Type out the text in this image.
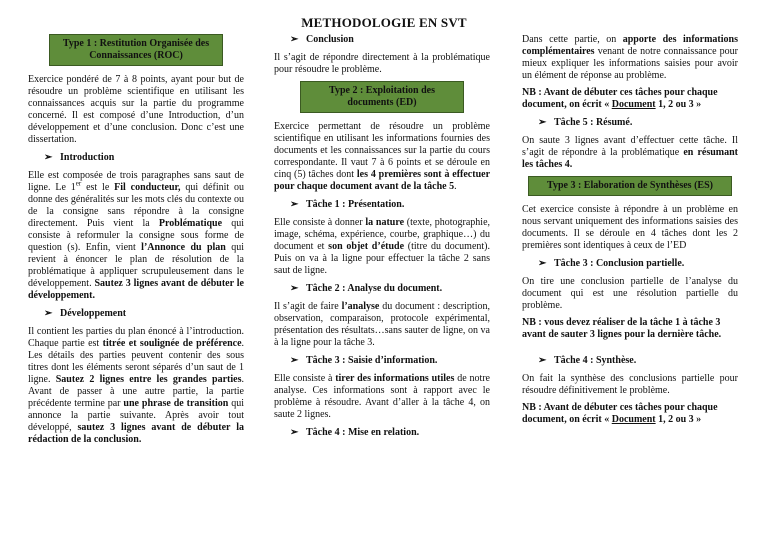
METHODOLOGIE EN SVT
Type 1 : Restitution Organisée des Connaissances (ROC)

Exercice pondéré de 7 à 8 points, ayant pour but de résoudre un problème scientifique en utilisant les connaissances acquis sur la partie du programme concerné. Il est composé d’une Introduction, d’un développement et d’une conclusion. Donc c’est une dissertation.

➢ Introduction

Elle est composée de trois paragraphes sans saut de ligne. Le 1er est le Fil conducteur, qui définit ou donne des généralités sur les mots clés du contexte ou de la consigne sans répondre à la consigne directement. Puis vient la Problématique qui consiste à reformuler la consigne sous forme de question (s). Enfin, vient l’Annonce du plan qui revient à énoncer le plan de résolution de la problématique à appliquer scrupuleusement dans le développement. Sautez 3 lignes avant de débuter le développement.

➢ Développement

Il contient les parties du plan énoncé à l’introduction. Chaque partie est titrée et soulignée de préférence. Les détails des parties peuvent contenir des sous titres dont les éléments seront séparés d’un saut de 1 ligne. Sautez 2 lignes entre les grandes parties. Avant de passer à une autre partie, la partie précédente termine par une phrase de transition qui annonce la partie suivante. Après avoir tout développé, sautez 3 lignes avant de débuter la rédaction de la conclusion.

➢ Conclusion

Il s’agit de répondre directement à la problématique pour résoudre le problème.

Type 2 : Exploitation des documents (ED)

Exercice permettant de résoudre un problème scientifique en utilisant les informations fournies des documents et les connaissances sur la partie du cours correspondante. Il vaut 7 à 6 points et se déroule en cinq (5) tâches dont les 4 premières sont à effectuer pour chaque document avant de la tâche 5.

➢ Tâche 1 : Présentation.

Elle consiste à donner la nature (texte, photographie, image, schéma, expérience, courbe, graphique…) du document et son objet d’étude (titre du document). Puis on va à la ligne pour effectuer la tâche 2 sans saut de ligne.

➢ Tâche 2 : Analyse du document.

Il s’agit de faire l’analyse du document : description, observation, comparaison, protocole expérimental, présentation des résultats…sans sauter de ligne, on va à la ligne pour la tâche 3.

➢ Tâche 3 : Saisie d’information.

Elle consiste à tirer des informations utiles de notre analyse. Ces informations sont à rapport avec le problème à résoudre. Avant d’aller à la tâche 4, on saute 2 lignes.

➢ Tâche 4 : Mise en relation.

Dans cette partie, on apporte des informations complémentaires venant de notre connaissance pour mieux expliquer les informations saisies pour avoir un élément de réponse au problème.

NB : Avant de débuter ces tâches pour chaque document, on écrit « Document 1, 2 ou 3 »

➢ Tâche 5 : Résumé.

On saute 3 lignes avant d’effectuer cette tâche. Il s’agit de répondre à la problématique en résumant les tâches 4.

Type 3 : Elaboration de Synthèses (ES)

Cet exercice consiste à répondre à un problème en nous servant uniquement des informations saisies des documents. Il se déroule en 4 tâches dont les 2 premières sont identiques à ceux de l’ED

➢ Tâche 3 : Conclusion partielle.

On tire une conclusion partielle de l’analyse du document qui est une résolution partielle du problème.

NB : vous devez réaliser de la tâche 1 à tâche 3 avant de sauter 3 lignes pour la dernière tâche.

➢ Tâche 4 : Synthèse.

On fait la synthèse des conclusions partielle pour résoudre définitivement le problème.

NB : Avant de débuter ces tâches pour chaque document, on écrit « Document 1, 2 ou 3 »
